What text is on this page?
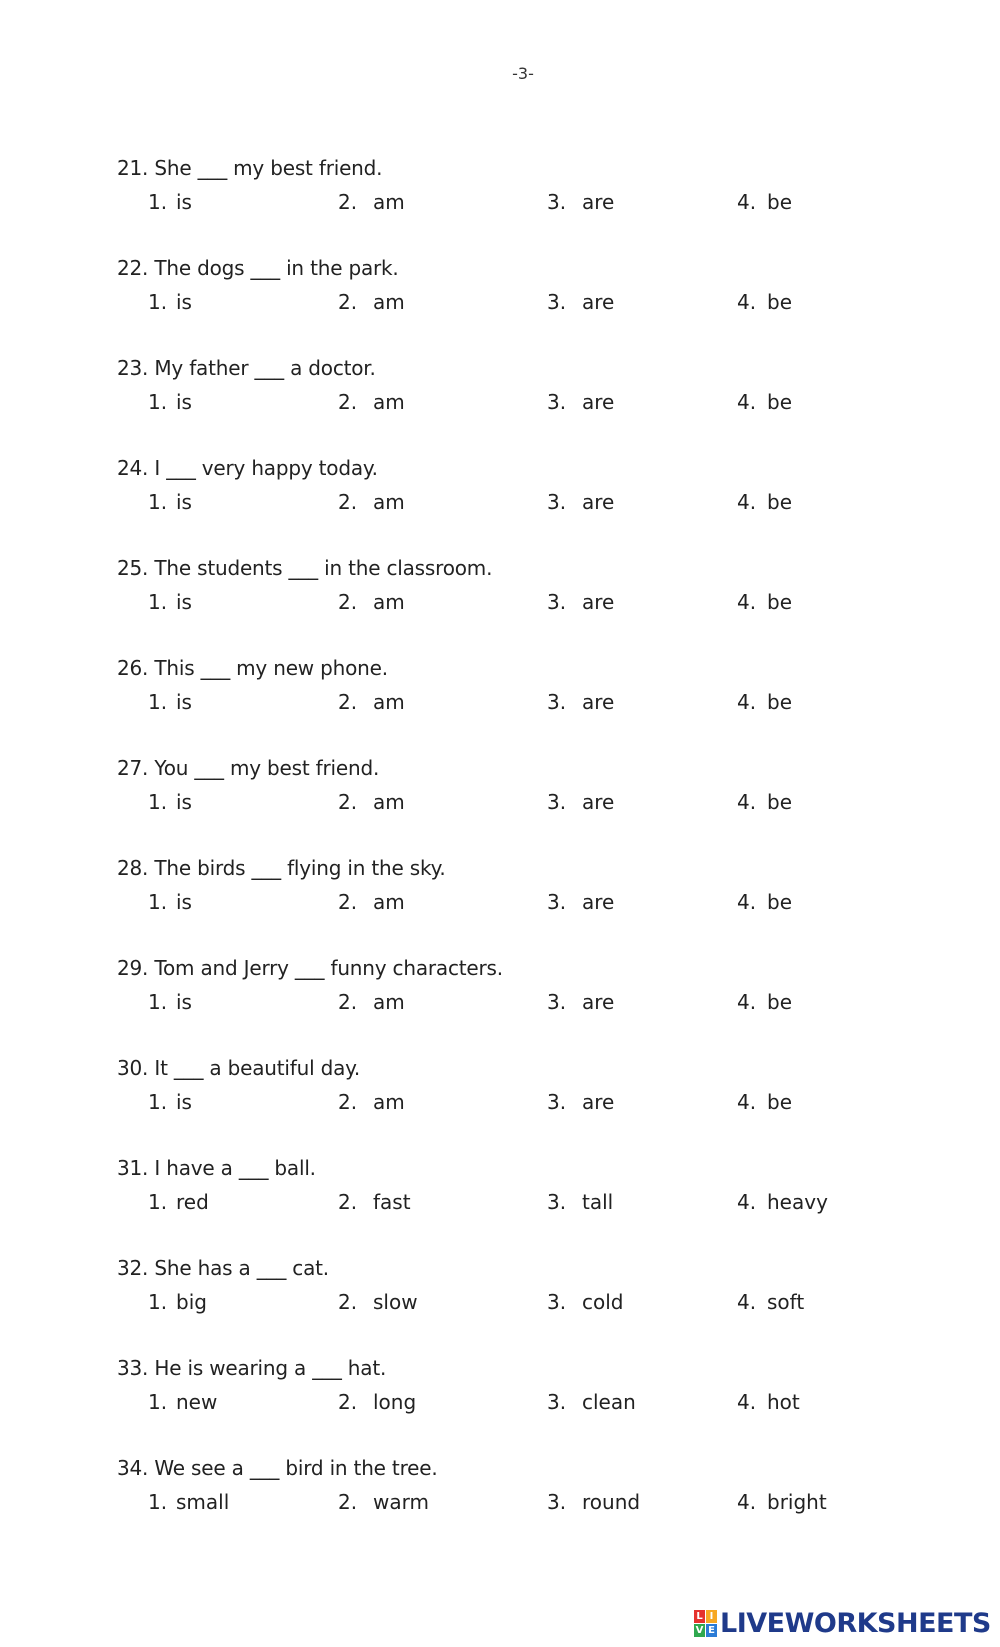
-3-
21. She ___ my best friend.
1. is	2. am	3. are	4. be
22. The dogs ___ in the park.
1. is	2. am	3. are	4. be
23. My father ___ a doctor.
1. is	2. am	3. are	4. be
24. I ___ very happy today.
1. is	2. am	3. are	4. be
25. The students ___ in the classroom.
1. is	2. am	3. are	4. be
26. This ___ my new phone.
1. is	2. am	3. are	4. be
27. You ___ my best friend.
1. is	2. am	3. are	4. be
28. The birds ___ flying in the sky.
1. is	2. am	3. are	4. be
29. Tom and Jerry ___ funny characters.
1. is	2. am	3. are	4. be
30. It ___ a beautiful day.
1. is	2. am	3. are	4. be
31. I have a ___ ball.
1. red	2. fast	3. tall	4. heavy
32. She has a ___ cat.
1. big	2. slow	3. cold	4. soft
33. He is wearing a ___ hat.
1. new	2. long	3. clean	4. hot
34. We see a ___ bird in the tree.
1. small	2. warm	3. round	4. bright
L I
V E LIVEWORKSHEETS
